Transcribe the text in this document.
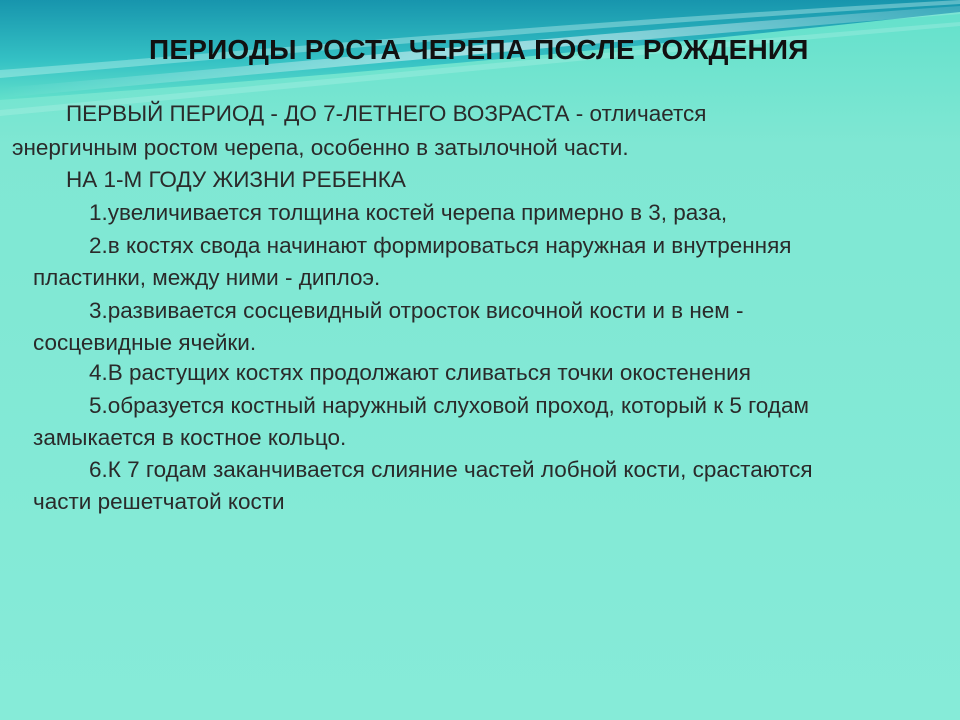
ПЕРИОДЫ РОСТА ЧЕРЕПА ПОСЛЕ РОЖДЕНИЯ
ПЕРВЫЙ ПЕРИОД - ДО 7-ЛЕТНЕГО ВОЗРАСТА - отличается
энергичным ростом черепа, особенно в затылочной части.
НА 1-М ГОДУ ЖИЗНИ РЕБЕНКА
1.увеличивается толщина костей черепа примерно в 3, раза,
2.в костях свода начинают формироваться наружная и внутренняя
пластинки, между ними - диплоэ.
3.развивается сосцевидный отросток височной кости и в нем -
сосцевидные ячейки.
4.В растущих костях продолжают сливаться точки окостенения
5.образуется костный наружный слуховой проход, который к 5 годам
замыкается в костное кольцо.
6.К 7 годам заканчивается слияние частей лобной кости, срастаются
части решетчатой кости
